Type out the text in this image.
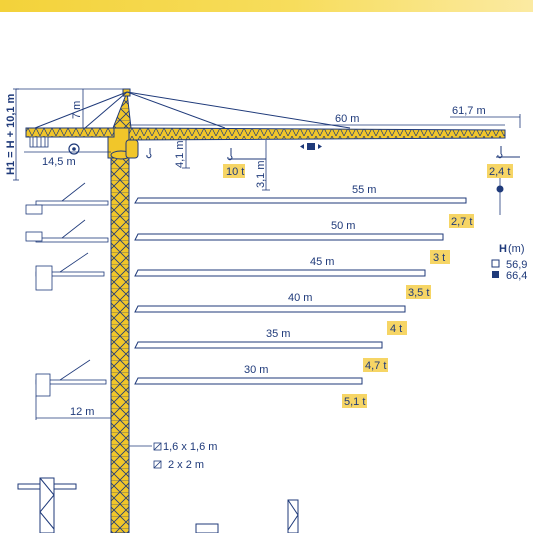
H1 = H + 10,1 m	7 m
14,5 m	4,1 m
3,1 m
60 m
61,7 m
12 m
10 t	2,4 t
55 m
2,7 t
50 m
3 t
45 m
3,5 t
40 m
4 t
35 m
4,7 t
30 m
5,1 t
H (m)
56,9
66,4
1,6 x 1,6 m
2 x 2 m
